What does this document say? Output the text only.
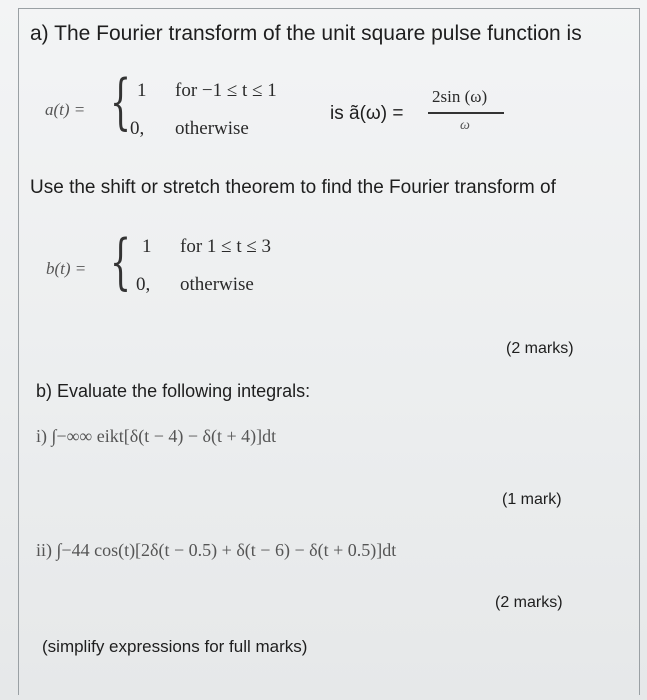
a) The Fourier transform of the unit square pulse function is
a(t) = { 1 for −1 ≤ t ≤ 1
0, otherwise
is ã(ω) =
2sin (ω)
ω
Use the shift or stretch theorem to find the Fourier transform of
b(t) = { 1 for 1 ≤ t ≤ 3
0, otherwise
(2 marks)
b) Evaluate the following integrals:
i) ∫−∞∞ eikt[δ(t − 4) − δ(t + 4)]dt
(1 mark)
ii) ∫−44 cos(t)[2δ(t − 0.5) + δ(t − 6) − δ(t + 0.5)]dt
(2 marks)
(simplify expressions for full marks)
